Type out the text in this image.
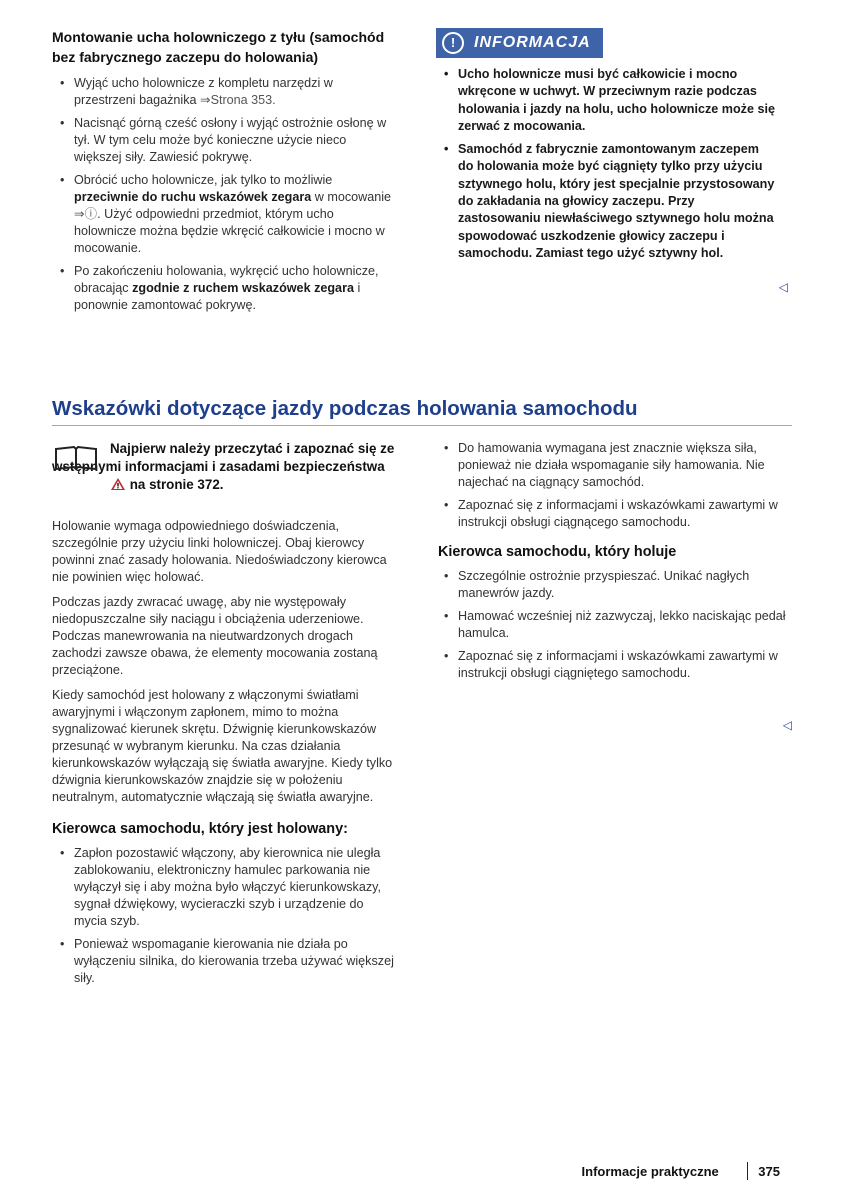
Montowanie ucha holowniczego z tyłu (samochód bez fabrycznego zaczepu do holowania)

• Wyjąć ucho holownicze z kompletu narzędzi w przestrzeni bagażnika ⇒Strona 353.

• Nacisnąć górną cześć osłony i wyjąć ostrożnie osłonę w tył. W tym celu może być konieczne użycie nieco większej siły. Zawiesić pokrywę.

• Obrócić ucho holownicze, jak tylko to możliwie przeciwnie do ruchu wskazówek zegara w mocowanie ⇒ⓘ. Użyć odpowiedni przedmiot, którym ucho holownicze można będzie wkręcić całkowicie i mocno w mocowanie.

• Po zakończeniu holowania, wykręcić ucho holownicze, obracając zgodnie z ruchem wskazówek zegara i ponownie zamontować pokrywę.

!	INFORMACJA

• Ucho holownicze musi być całkowicie i mocno wkręcone w uchwyt. W przeciwnym razie podczas holowania i jazdy na holu, ucho holownicze może się zerwać z mocowania.

• Samochód z fabrycznie zamontowanym zaczepem do holowania może być ciągnięty tylko przy użyciu sztywnego holu, który jest specjalnie przystosowany do zakładania na głowicy zaczepu. Przy zastosowaniu niewłaściwego sztywnego holu można spowodować uszkodzenie głowicy zaczepu i samochodu. Zamiast tego użyć sztywny hol.

◁

Wskazówki dotyczące jazdy podczas holowania samochodu

Najpierw należy przeczytać i zapoznać się ze wstępnymi informacjami i zasadami bezpieczeństwa  na stronie 372.

Holowanie wymaga odpowiedniego doświadczenia, szczególnie przy użyciu linki holowniczej. Obaj kierowcy powinni znać zasady holowania. Niedoświadczony kierowca nie powinien więc holować.

Podczas jazdy zwracać uwagę, aby nie występowały niedopuszczalne siły naciągu i obciążenia uderzeniowe. Podczas manewrowania na nieutwardzonych drogach zachodzi zawsze obawa, że elementy mocowania zostaną przeciążone.

Kiedy samochód jest holowany z włączonymi światłami awaryjnymi i włączonym zapłonem, mimo to można sygnalizować kierunek skrętu. Dźwignię kierunkowskazów przesunąć w wybranym kierunku. Na czas działania kierunkowskazów wyłączają się światła awaryjne. Kiedy tylko dźwignia kierunkowskazów znajdzie się w położeniu neutralnym, automatycznie włączają się światła awaryjne.

Kierowca samochodu, który jest holowany:

• Zapłon pozostawić włączony, aby kierownica nie uległa zablokowaniu, elektroniczny hamulec parkowania nie wyłączył się i aby można było włączyć kierunkowskazy, sygnał dźwiękowy, wycieraczki szyb i urządzenie do mycia szyb.

• Ponieważ wspomaganie kierowania nie działa po wyłączeniu silnika, do kierowania trzeba używać większej siły.

• Do hamowania wymagana jest znacznie większa siła, ponieważ nie działa wspomaganie siły hamowania. Nie najechać na ciągnący samochód.

• Zapoznać się z informacjami i wskazówkami zawartymi w instrukcji obsługi ciągnącego samochodu.

Kierowca samochodu, który holuje

• Szczególnie ostrożnie przyspieszać. Unikać nagłych manewrów jazdy.

• Hamować wcześniej niż zazwyczaj, lekko naciskając pedał hamulca.

• Zapoznać się z informacjami i wskazówkami zawartymi w instrukcji obsługi ciągniętego samochodu.

◁
Informacje praktyczne	375
